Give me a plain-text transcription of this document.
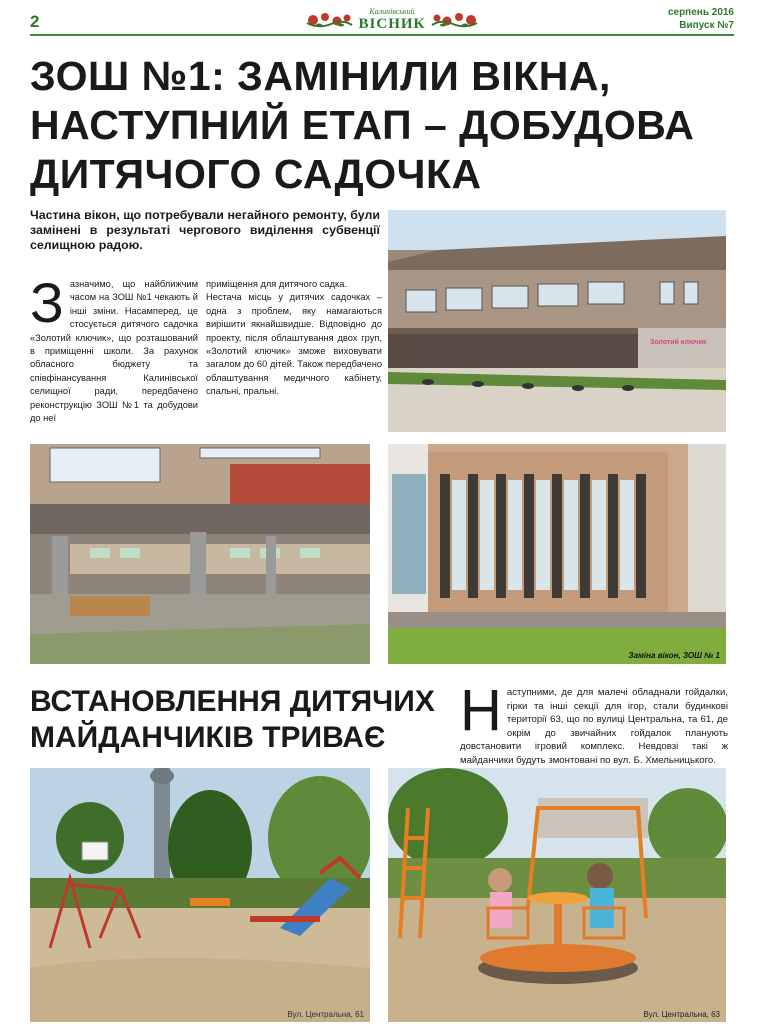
2
Калинівський
ВІСНИК
серпень 2016
Випуск №7
ЗОШ №1: ЗАМІНИЛИ ВІКНА, НАСТУПНИЙ ЕТАП – ДОБУДОВА ДИТЯЧОГО САДОЧКА

Частина вікон, що потребували негайного ремонту, були замінені в результаті чергового виділення субвенції селищною радою.

З азначимо, що найближчим часом на ЗОШ №1 чекають й інші зміни. Насамперед, це стосується дитячого садочка «Золотий ключик», що розташований в приміщенні школи. За рахунок обласного бюджету та співфінансування Калинівської селищної ради, передбачено реконструкцію ЗОШ №1 та добудови до неї

приміщення для дитячого садка.

Нестача місць у дитячих садочках – одна з проблем, яку намагаються вирішити якнайшвидше. Відповідно до проекту, після облаштування двох груп, «Золотий ключик» зможе виховувати загалом до 60 дітей. Також передбачено облаштування медичного кабінету, спальні, пральні.

Золотий ключик
Заміна вікон, ЗОШ № 1
ВСТАНОВЛЕННЯ ДИТЯЧИХ МАЙДАНЧИКІВ ТРИВАЄ	Н аступними, де для малечі обладнали гойдалки, гірки та інші секції для ігор, стали будинкові території 63, що по вулиці Центральна, та 61, де окрім до звичайних гойдалок планують довстановити ігровий комплекс. Невдовзі такі ж майданчики будуть змонтовані по вул. Б. Хмельницького.
Вул. Центральна, 61	Вул. Центральна, 63
